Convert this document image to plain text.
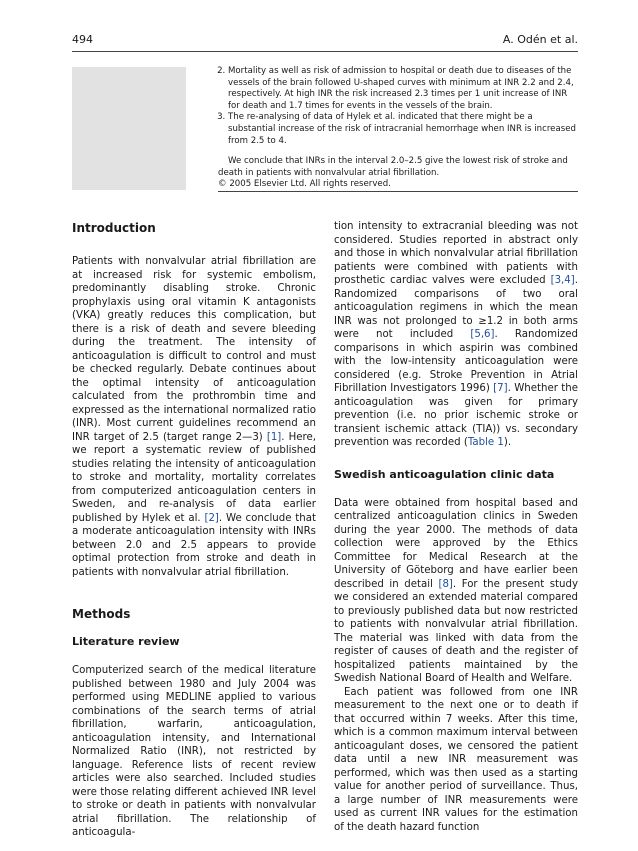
494	A. Odén et al.
2. Mortality as well as risk of admission to hospital or death due to diseases of the vessels of the brain followed U-shaped curves with minimum at INR 2.2 and 2.4, respectively. At high INR the risk increased 2.3 times per 1 unit increase of INR for death and 1.7 times for events in the vessels of the brain.
3. The re-analysing of data of Hylek et al. indicated that there might be a substantial increase of the risk of intracranial hemorrhage when INR is increased from 2.5 to 4.

We conclude that INRs in the interval 2.0–2.5 give the lowest risk of stroke and death in patients with nonvalvular atrial fibrillation.

© 2005 Elsevier Ltd. All rights reserved.

Introduction

Patients with nonvalvular atrial fibrillation are at increased risk for systemic embolism, predominantly disabling stroke. Chronic prophylaxis using oral vitamin K antagonists (VKA) greatly reduces this complication, but there is a risk of death and severe bleeding during the treatment. The intensity of anticoagulation is difficult to control and must be checked regularly. Debate continues about the optimal intensity of anticoagulation calculated from the prothrombin time and expressed as the international normalized ratio (INR). Most current guidelines recommend an INR target of 2.5 (target range 2—3) [1]. Here, we report a systematic review of published studies relating the intensity of anticoagulation to stroke and mortality, mortality correlates from computerized anticoagulation centers in Sweden, and re-analysis of data earlier published by Hylek et al. [2]. We conclude that a moderate anticoagulation intensity with INRs between 2.0 and 2.5 appears to provide optimal protection from stroke and death in patients with nonvalvular atrial fibrillation.

Methods
Literature review

Computerized search of the medical literature published between 1980 and July 2004 was performed using MEDLINE applied to various combinations of the search terms of atrial fibrillation, warfarin, anticoagulation, anticoagulation intensity, and International Normalized Ratio (INR), not restricted by language. Reference lists of recent review articles were also searched. Included studies were those relating different achieved INR level to stroke or death in patients with nonvalvular atrial fibrillation. The relationship of anticoagula-

tion intensity to extracranial bleeding was not considered. Studies reported in abstract only and those in which nonvalvular atrial fibrillation patients were combined with patients with prosthetic cardiac valves were excluded [3,4]. Randomized comparisons of two oral anticoagulation regimens in which the mean INR was not prolonged to ≥1.2 in both arms were not included [5,6]. Randomized comparisons in which aspirin was combined with the low-intensity anticoagulation were considered (e.g. Stroke Prevention in Atrial Fibrillation Investigators 1996) [7]. Whether the anticoagulation was given for primary prevention (i.e. no prior ischemic stroke or transient ischemic attack (TIA)) vs. secondary prevention was recorded (Table 1).

Swedish anticoagulation clinic data

Data were obtained from hospital based and centralized anticoagulation clinics in Sweden during the year 2000. The methods of data collection were approved by the Ethics Committee for Medical Research at the University of Göteborg and have earlier been described in detail [8]. For the present study we considered an extended material compared to previously published data but now restricted to patients with nonvalvular atrial fibrillation. The material was linked with data from the register of causes of death and the register of hospitalized patients maintained by the Swedish National Board of Health and Welfare.

Each patient was followed from one INR measurement to the next one or to death if that occurred within 7 weeks. After this time, which is a common maximum interval between anticoagulant doses, we censored the patient data until a new INR measurement was performed, which was then used as a starting value for another period of surveillance. Thus, a large number of INR measurements were used as current INR values for the estimation of the death hazard function
